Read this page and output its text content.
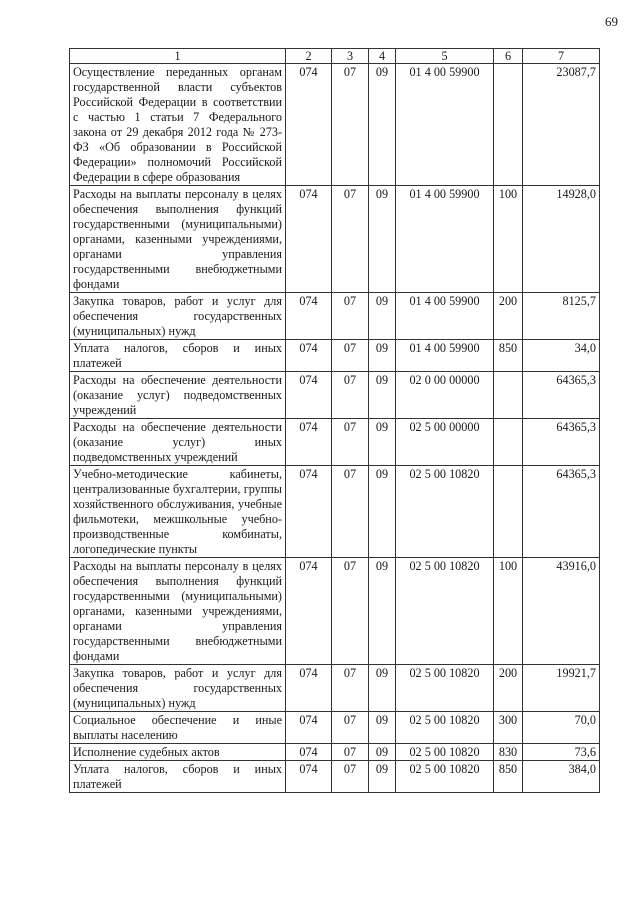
69
1	2	3	4	5	6	7
Осуществление переданных органам государственной власти субъектов Российской Федерации в соответствии с частью 1 статьи 7 Федерального закона от 29 декабря 2012 года № 273-ФЗ «Об образовании в Российской Федерации» полномочий Российской Федерации в сфере образования	074	07	09	01 4 00 59900		23087,7
Расходы на выплаты персоналу в целях обеспечения выполнения функций государственными (муниципальными) органами, казенными учреждениями, органами управления государственными внебюджетными фондами	074	07	09	01 4 00 59900	100	14928,0
Закупка товаров, работ и услуг для обеспечения государственных (муниципальных) нужд	074	07	09	01 4 00 59900	200	8125,7
Уплата налогов, сборов и иных платежей	074	07	09	01 4 00 59900	850	34,0
Расходы на обеспечение деятельности (оказание услуг) подведомственных учреждений	074	07	09	02 0 00 00000		64365,3
Расходы на обеспечение деятельности (оказание услуг) иных подведомственных учреждений	074	07	09	02 5 00 00000		64365,3
Учебно-методические кабинеты, централизованные бухгалтерии, группы хозяйственного обслуживания, учебные фильмотеки, межшкольные учебно-производственные комбинаты, логопедические пункты	074	07	09	02 5 00 10820		64365,3
Расходы на выплаты персоналу в целях обеспечения выполнения функций государственными (муниципальными) органами, казенными учреждениями, органами управления государственными внебюджетными фондами	074	07	09	02 5 00 10820	100	43916,0
Закупка товаров, работ и услуг для обеспечения государственных (муниципальных) нужд	074	07	09	02 5 00 10820	200	19921,7
Социальное обеспечение и иные выплаты населению	074	07	09	02 5 00 10820	300	70,0
Исполнение судебных актов	074	07	09	02 5 00 10820	830	73,6
Уплата налогов, сборов и иных платежей	074	07	09	02 5 00 10820	850	384,0
